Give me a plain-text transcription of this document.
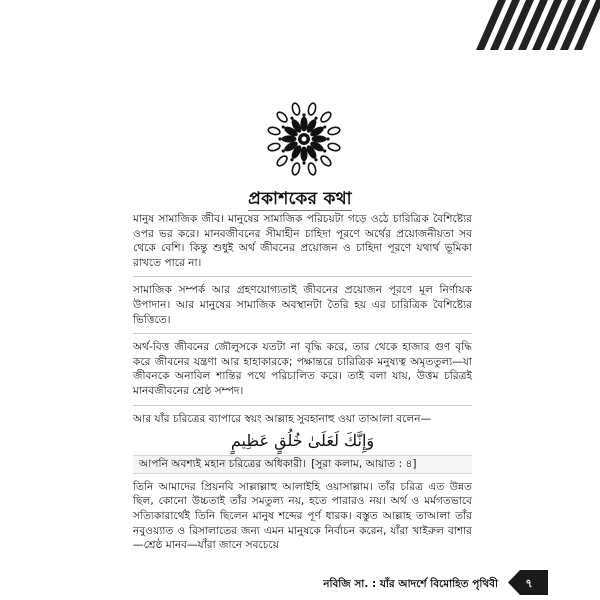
প্রকাশকের কথা

মানুষ সামাজিক জীব। মানুষের সামাজিক পরিচয়টা গড়ে ওঠে চারিত্রিক বৈশিষ্ট্যের ওপর ভর করে। মানবজীবনের সীমাহীন চাহিদা পূরণে অর্থের প্রয়োজনীয়তা সব থেকে বেশি। কিন্তু শুধুই অর্থ জীবনের প্রয়োজন ও চাহিদা পূরণে যথার্থ ভূমিকা রাখতে পারে না।

সামাজিক সম্পর্ক আর গ্রহণযোগ্যতাই জীবনের প্রয়োজন পূরণে মূল নির্ণায়ক উপাদান। আর মানুষের সামাজিক অবস্থানটা তৈরি হয় এর চারিত্রিক বৈশিষ্ট্যের ভিত্তিতে।

অর্থ-বিত্ত জীবনের জৌলুসকে যতটা না বৃদ্ধি করে, তার থেকে হাজার গুণ বৃদ্ধি করে জীবনের যন্ত্রণা আর হাহাকারকে; পক্ষান্তরে চারিত্রিক মনুষ্যত্ব অমৃততুল্য—যা জীবনকে অনাবিল শান্তির পথে পরিচালিত করে। তাই বলা যায়, উত্তম চরিত্রই মানবজীবনের শ্রেষ্ঠ সম্পদ।

আর যাঁর চরিত্রের ব্যাপারে স্বয়ং আল্লাহ সুবহানাহু ওয়া তাআলা বলেন—

وَإِنَّكَ لَعَلَىٰ خُلُقٍ عَظِيمٍ
আপনি অবশ্যই মহান চরিত্রের অধিকারী। [সুরা কলাম, আয়াত : ৪]

তিনি আমাদের প্রিয়নবি সাল্লাল্লাহু আলাইহি ওয়াসাল্লাম। তাঁর চরিত্র এত উন্নত ছিল, কোনো উচ্চতাই তাঁর সমতুল্য নয়, হতে পারারও নয়। অর্থ ও মর্মগতভাবে সত্যিকারার্থেই তিনি ছিলেন মানুষ শব্দের পূর্ণ ধারক। বস্তুত আল্লাহ তাআলা তাঁর নবুওয়্যাত ও রিসালাতের জন্য এমন মানুষকে নির্বাচন করেন, যাঁরা খাইরুল বাশার—শ্রেষ্ঠ মানব—যাঁরা জানে সবচেয়ে

নবিজি সা. : যাঁর আদর্শে বিমোহিত পৃথিবী	৭
